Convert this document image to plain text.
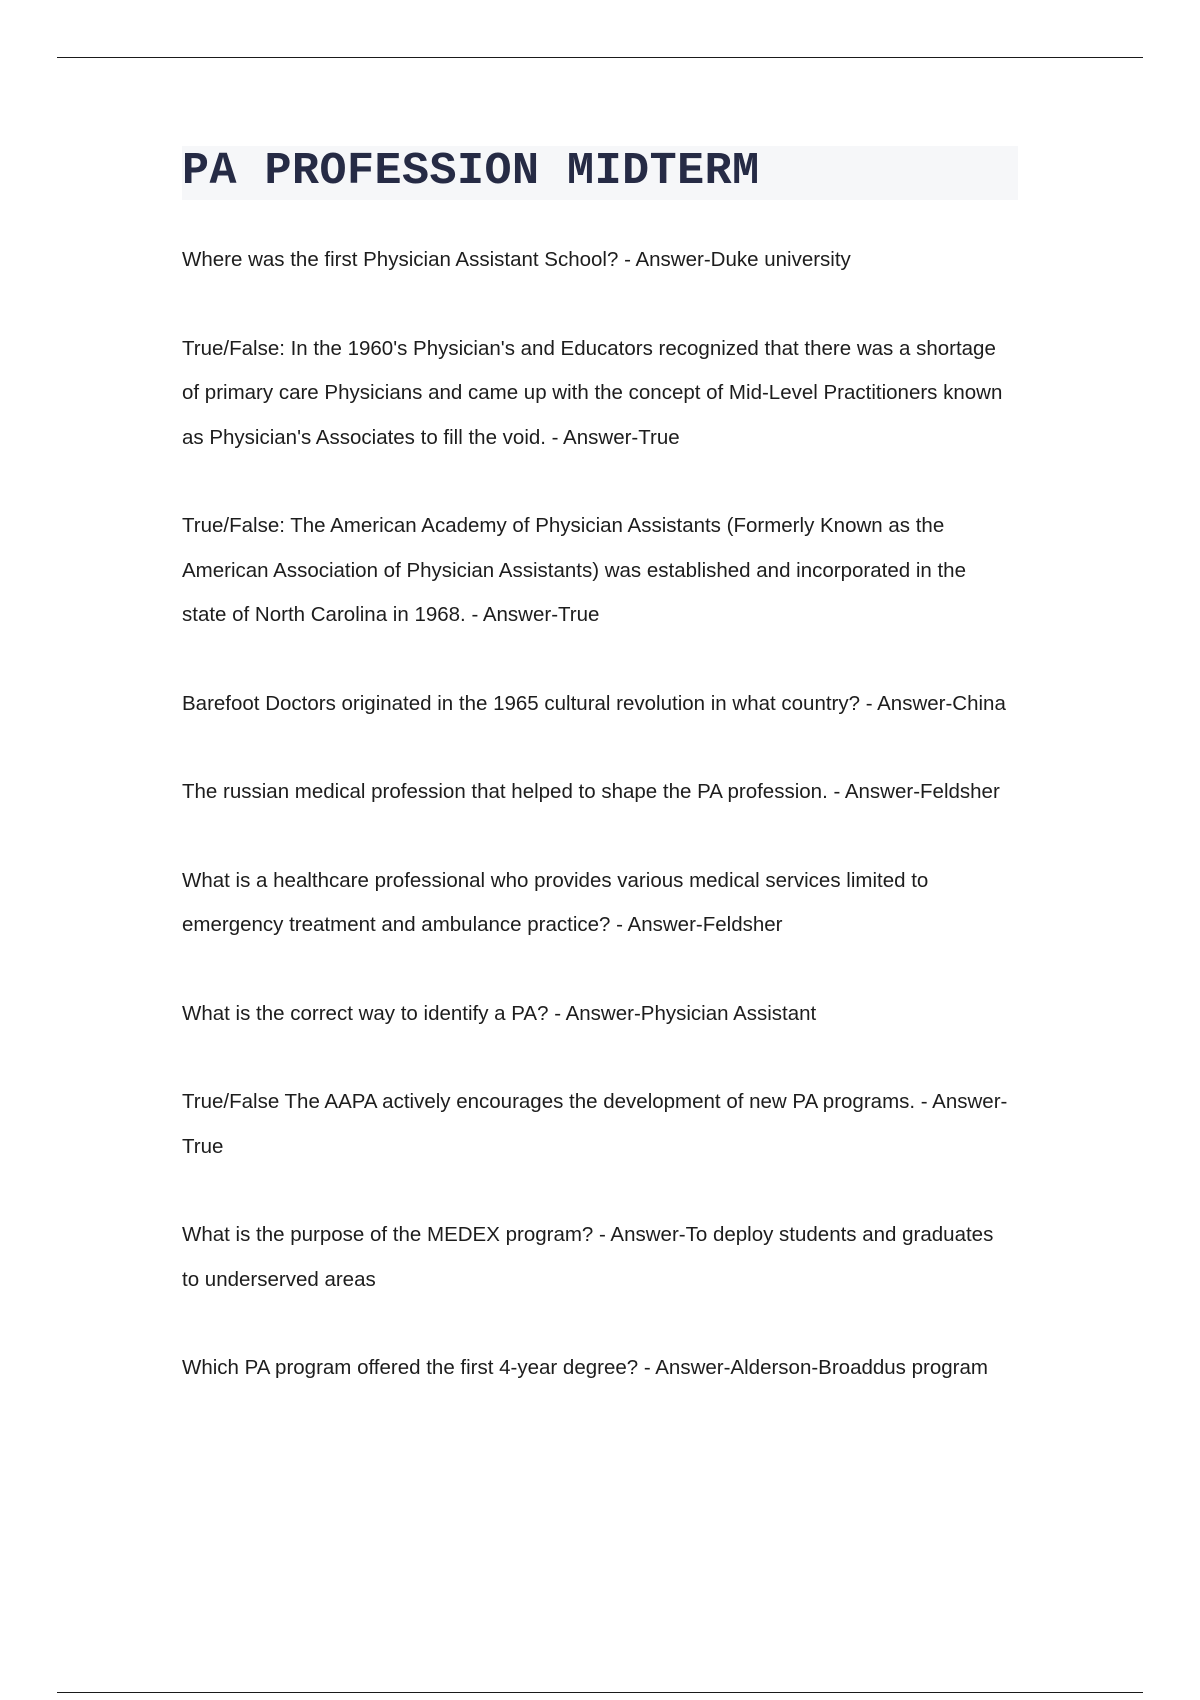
PA PROFESSION MIDTERM
Where was the first Physician Assistant School? - Answer-Duke university
True/False: In the 1960's Physician's and Educators recognized that there was a shortage of primary care Physicians and came up with the concept of Mid-Level Practitioners known as Physician's Associates to fill the void. - Answer-True
True/False: The American Academy of Physician Assistants (Formerly Known as the American Association of Physician Assistants) was established and incorporated in the state of North Carolina in 1968. - Answer-True
Barefoot Doctors originated in the 1965 cultural revolution in what country? - Answer-China
The russian medical profession that helped to shape the PA profession. - Answer-Feldsher
What is a healthcare professional who provides various medical services limited to emergency treatment and ambulance practice? - Answer-Feldsher
What is the correct way to identify a PA? - Answer-Physician Assistant
True/False The AAPA actively encourages the development of new PA programs. - Answer-True
What is the purpose of the MEDEX program? - Answer-To deploy students and graduates to underserved areas
Which PA program offered the first 4-year degree? - Answer-Alderson-Broaddus program
